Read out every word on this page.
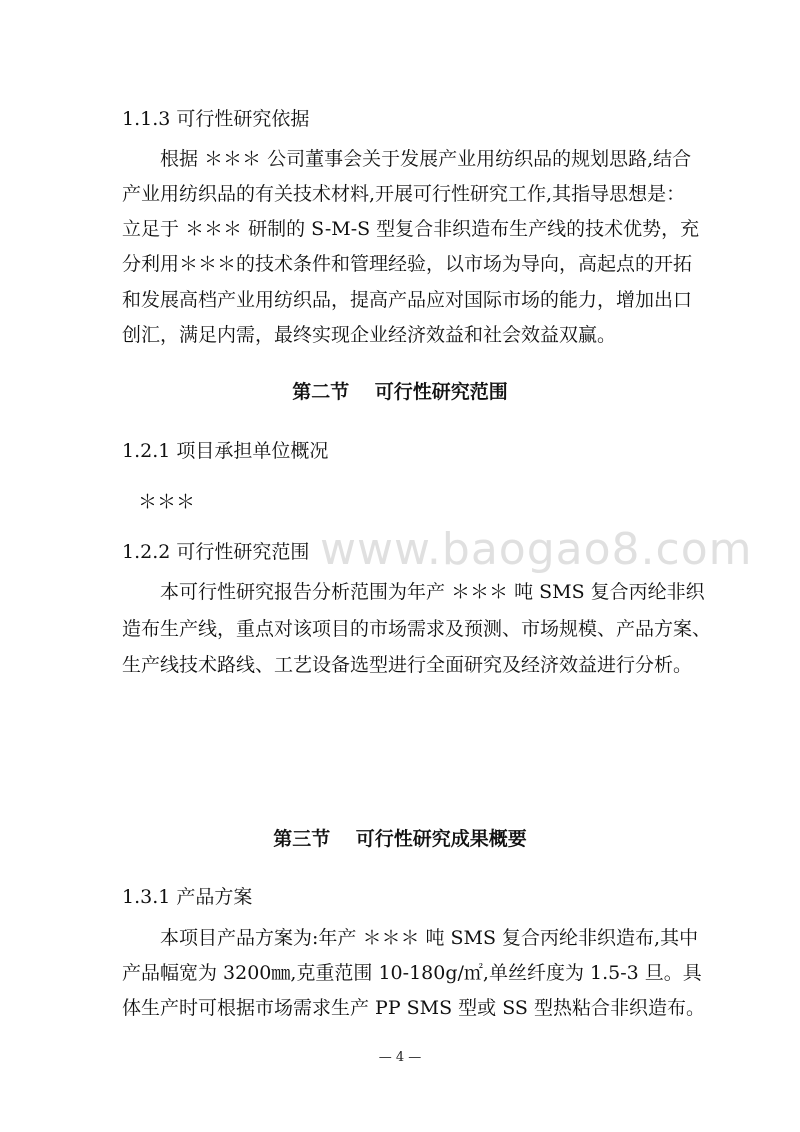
1.1.3 可行性研究依据

根据 ＊＊＊ 公司董事会关于发展产业用纺织品的规划思路,结合

产业用纺织品的有关技术材料,开展可行性研究工作,其指导思想是：

立足于 ＊＊＊ 研制的 S-M-S 型复合非织造布生产线的技术优势，充

分利用＊＊＊的技术条件和管理经验，以市场为导向，高起点的开拓

和发展高档产业用纺织品，提高产品应对国际市场的能力，增加出口

创汇，满足内需，最终实现企业经济效益和社会效益双赢。

第二节　 可行性研究范围

1.2.1 项目承担单位概况

＊＊＊

www.baogao8.com

1.2.2 可行性研究范围

本可行性研究报告分析范围为年产 ＊＊＊ 吨 SMS 复合丙纶非织

造布生产线，重点对该项目的市场需求及预测、市场规模、产品方案、

生产线技术路线、工艺设备选型进行全面研究及经济效益进行分析。

第三节　 可行性研究成果概要

1.3.1 产品方案

本项目产品方案为:年产 ＊＊＊ 吨 SMS 复合丙纶非织造布,其中

产品幅宽为 3200㎜,克重范围 10-180g/㎡,单丝纤度为 1.5-3 旦。具

体生产时可根据市场需求生产 PP SMS 型或 SS 型热粘合非织造布。

— 4 —
